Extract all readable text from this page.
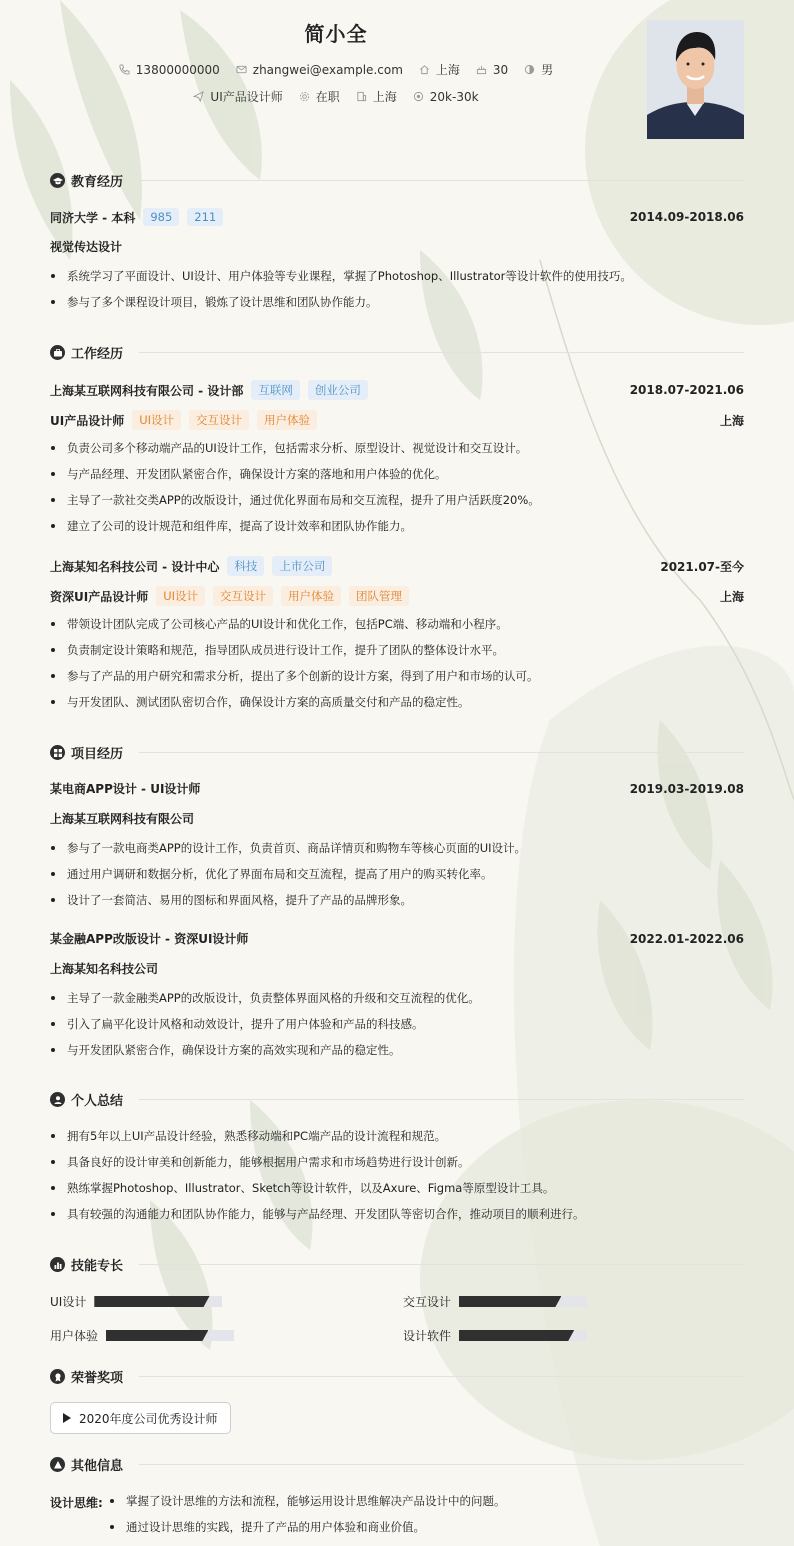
简小全
13800000000	zhangwei@example.com	上海	30	男
UI产品设计师	在职	上海	20k-30k
教育经历
同济大学 - 本科	985	211	2014.09-2018.06
视觉传达设计
系统学习了平面设计、UI设计、用户体验等专业课程，掌握了Photoshop、Illustrator等设计软件的使用技巧。
参与了多个课程设计项目，锻炼了设计思维和团队协作能力。
工作经历
上海某互联网科技有限公司 - 设计部	互联网	创业公司	2018.07-2021.06
UI产品设计师	UI设计	交互设计	用户体验	上海
负责公司多个移动端产品的UI设计工作，包括需求分析、原型设计、视觉设计和交互设计。
与产品经理、开发团队紧密合作，确保设计方案的落地和用户体验的优化。
主导了一款社交类APP的改版设计，通过优化界面布局和交互流程，提升了用户活跃度20%。
建立了公司的设计规范和组件库，提高了设计效率和团队协作能力。
上海某知名科技公司 - 设计中心	科技	上市公司	2021.07-至今
资深UI产品设计师	UI设计	交互设计	用户体验	团队管理	上海
带领设计团队完成了公司核心产品的UI设计和优化工作，包括PC端、移动端和小程序。
负责制定设计策略和规范，指导团队成员进行设计工作，提升了团队的整体设计水平。
参与了产品的用户研究和需求分析，提出了多个创新的设计方案，得到了用户和市场的认可。
与开发团队、测试团队密切合作，确保设计方案的高质量交付和产品的稳定性。
项目经历
某电商APP设计 - UI设计师	2019.03-2019.08
上海某互联网科技有限公司
参与了一款电商类APP的设计工作，负责首页、商品详情页和购物车等核心页面的UI设计。
通过用户调研和数据分析，优化了界面布局和交互流程，提高了用户的购买转化率。
设计了一套简洁、易用的图标和界面风格，提升了产品的品牌形象。
某金融APP改版设计 - 资深UI设计师	2022.01-2022.06
上海某知名科技公司
主导了一款金融类APP的改版设计，负责整体界面风格的升级和交互流程的优化。
引入了扁平化设计风格和动效设计，提升了用户体验和产品的科技感。
与开发团队紧密合作，确保设计方案的高效实现和产品的稳定性。
个人总结
拥有5年以上UI产品设计经验，熟悉移动端和PC端产品的设计流程和规范。
具备良好的设计审美和创新能力，能够根据用户需求和市场趋势进行设计创新。
熟练掌握Photoshop、Illustrator、Sketch等设计软件，以及Axure、Figma等原型设计工具。
具有较强的沟通能力和团队协作能力，能够与产品经理、开发团队等密切合作，推动项目的顺利进行。
技能专长
UI设计	交互设计
用户体验	设计软件
荣誉奖项
2020年度公司优秀设计师
其他信息
设计思维:	掌握了设计思维的方法和流程，能够运用设计思维解决产品设计中的问题。
通过设计思维的实践，提升了产品的用户体验和商业价值。
